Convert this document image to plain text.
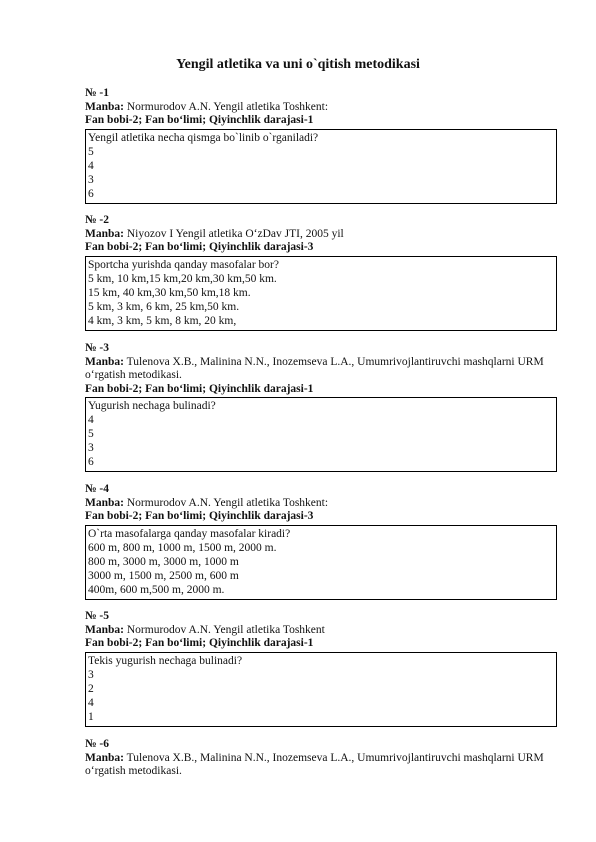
Yengil atletika va uni o`qitish metodikasi
№ -1
Manba: Normurodov A.N. Yengil atletika Toshkent:
Fan bobi-2; Fan bo‘limi; Qiyinchlik darajasi-1
Yengil atletika necha qismga bo`linib o`rganiladi?
5
4
3
6
№ -2
Manba: Niyozov I Yengil atletika O‘zDav JTI, 2005 yil
Fan bobi-2; Fan bo‘limi; Qiyinchlik darajasi-3
Sportcha yurishda qanday masofalar bor?
5 km, 10 km,15 km,20 km,30 km,50 km.
15 km, 40 km,30 km,50 km,18 km.
5 km, 3 km, 6 km, 25 km,50 km.
4 km, 3 km, 5 km, 8 km, 20 km,
№ -3
Manba: Tulenova X.B., Malinina N.N., Inozemseva L.A., Umumrivojlantiruvchi mashqlarni URM o‘rgatish metodikasi.
Fan bobi-2; Fan bo‘limi; Qiyinchlik darajasi-1
Yugurish nechaga bulinadi?
4
5
3
6
№ -4
Manba: Normurodov A.N. Yengil atletika Toshkent:
Fan bobi-2; Fan bo‘limi; Qiyinchlik darajasi-3
O`rta masofalarga qanday masofalar kiradi?
600 m, 800 m, 1000 m, 1500 m, 2000 m.
800 m, 3000 m, 3000 m, 1000 m
3000 m, 1500 m, 2500 m, 600 m
400m, 600 m,500 m, 2000 m.
№ -5
Manba: Normurodov A.N. Yengil atletika Toshkent
Fan bobi-2; Fan bo‘limi; Qiyinchlik darajasi-1
Tekis yugurish nechaga bulinadi?
3
2
4
1
№ -6
Manba: Tulenova X.B., Malinina N.N., Inozemseva L.A., Umumrivojlantiruvchi mashqlarni URM o‘rgatish metodikasi.
